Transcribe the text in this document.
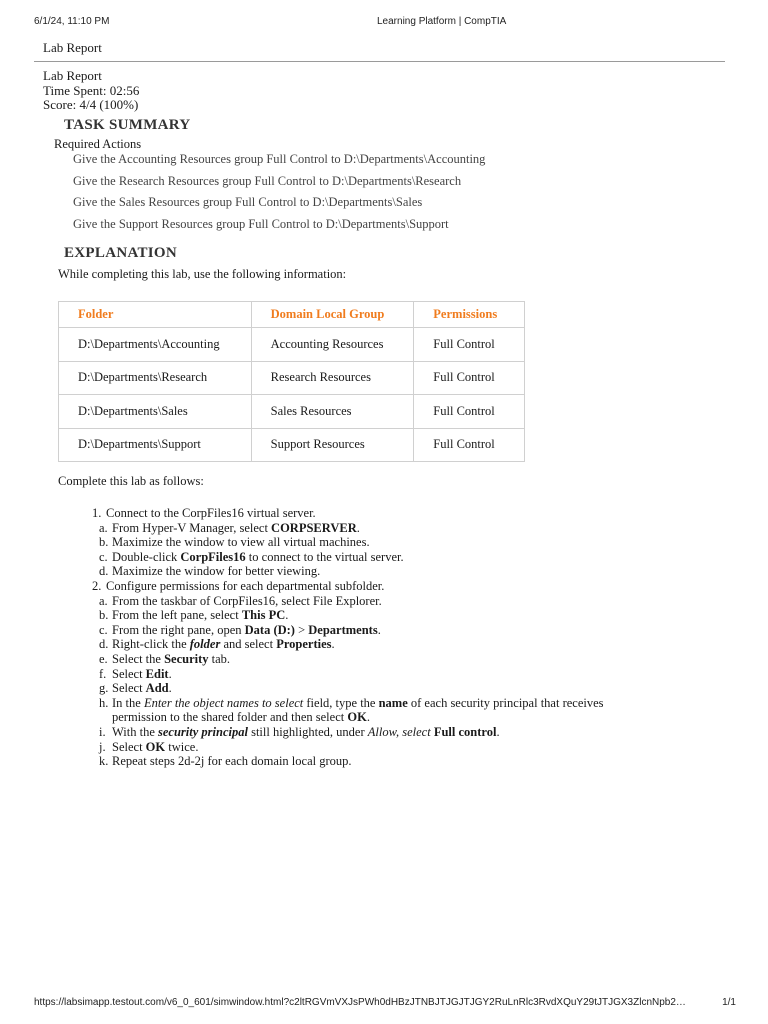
6/1/24, 11:10 PM	Learning Platform | CompTIA
Lab Report
Lab Report
Time Spent: 02:56
Score: 4/4 (100%)
TASK SUMMARY
Required Actions
Give the Accounting Resources group Full Control to D:\Departments\Accounting
Give the Research Resources group Full Control to D:\Departments\Research
Give the Sales Resources group Full Control to D:\Departments\Sales
Give the Support Resources group Full Control to D:\Departments\Support
EXPLANATION
While completing this lab, use the following information:
Folder	Domain Local Group	Permissions
D:\Departments\Accounting	Accounting Resources	Full Control
D:\Departments\Research	Research Resources	Full Control
D:\Departments\Sales	Sales Resources	Full Control
D:\Departments\Support	Support Resources	Full Control
Complete this lab as follows:
1. Connect to the CorpFiles16 virtual server.
a. From Hyper-V Manager, select CORPSERVER.
b. Maximize the window to view all virtual machines.
c. Double-click CorpFiles16 to connect to the virtual server.
d. Maximize the window for better viewing.
2. Configure permissions for each departmental subfolder.
a. From the taskbar of CorpFiles16, select File Explorer.
b. From the left pane, select This PC.
c. From the right pane, open Data (D:) > Departments.
d. Right-click the folder and select Properties.
e. Select the Security tab.
f. Select Edit.
g. Select Add.
h. In the Enter the object names to select field, type the name of each security principal that receives
permission to the shared folder and then select OK.
i. With the security principal still highlighted, under Allow, select Full control.
j. Select OK twice.
k. Repeat steps 2d-2j for each domain local group.
https://labsimapp.testout.com/v6_0_601/simwindow.html?c2ltRGVmVXJsPWh0dHBzJTNBJTJGJTJGY2RuLnRlc3RvdXQuY29tJTJGX3ZlcnNpb2…	1/1
